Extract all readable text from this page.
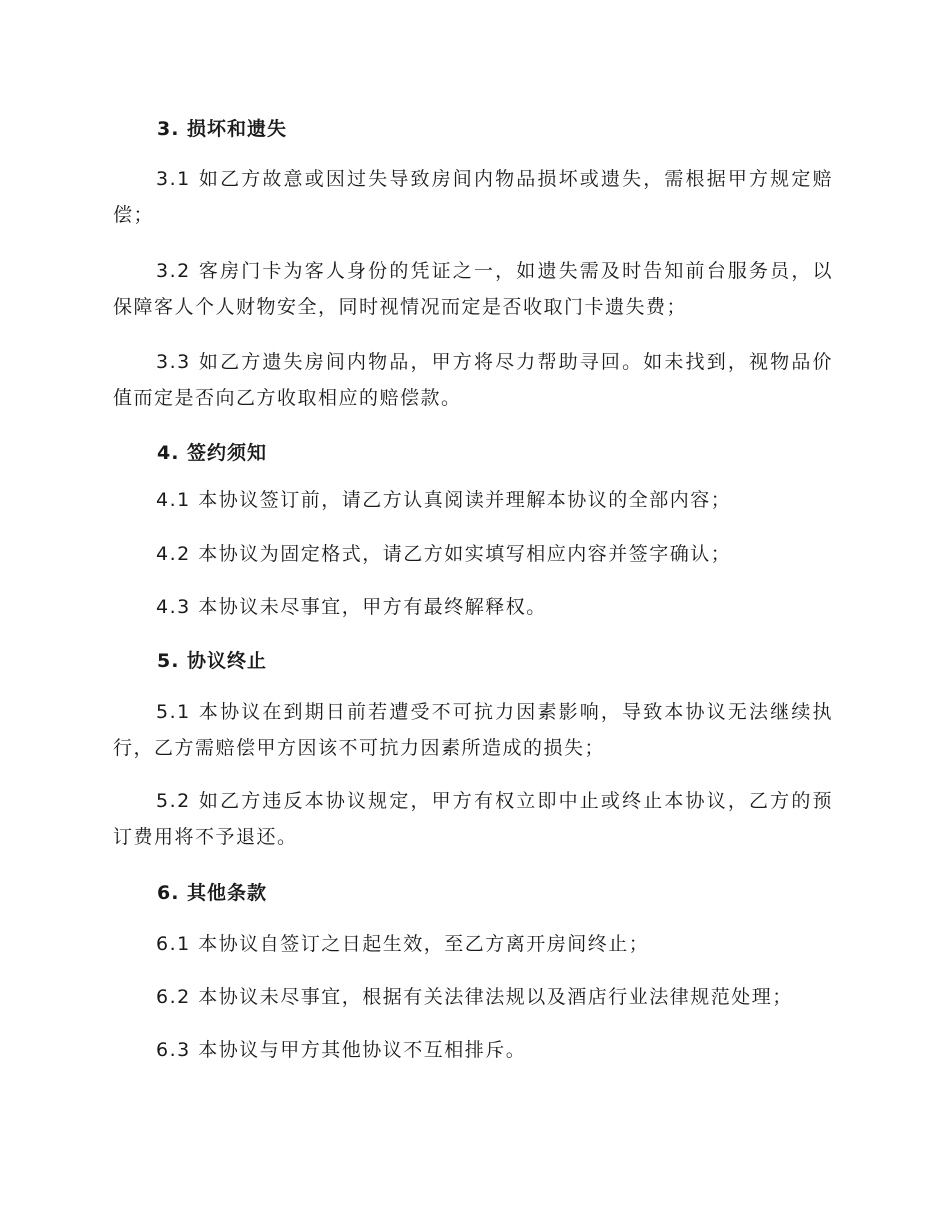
3. 损坏和遗失
3.1 如乙方故意或因过失导致房间内物品损坏或遗失，需根据甲方规定赔偿；
3.2 客房门卡为客人身份的凭证之一，如遗失需及时告知前台服务员，以保障客人个人财物安全，同时视情况而定是否收取门卡遗失费；
3.3 如乙方遗失房间内物品，甲方将尽力帮助寻回。如未找到，视物品价值而定是否向乙方收取相应的赔偿款。
4. 签约须知
4.1 本协议签订前，请乙方认真阅读并理解本协议的全部内容；
4.2 本协议为固定格式，请乙方如实填写相应内容并签字确认；
4.3 本协议未尽事宜，甲方有最终解释权。
5. 协议终止
5.1 本协议在到期日前若遭受不可抗力因素影响，导致本协议无法继续执行，乙方需赔偿甲方因该不可抗力因素所造成的损失；
5.2 如乙方违反本协议规定，甲方有权立即中止或终止本协议，乙方的预订费用将不予退还。
6. 其他条款
6.1 本协议自签订之日起生效，至乙方离开房间终止；
6.2 本协议未尽事宜，根据有关法律法规以及酒店行业法律规范处理；
6.3 本协议与甲方其他协议不互相排斥。
